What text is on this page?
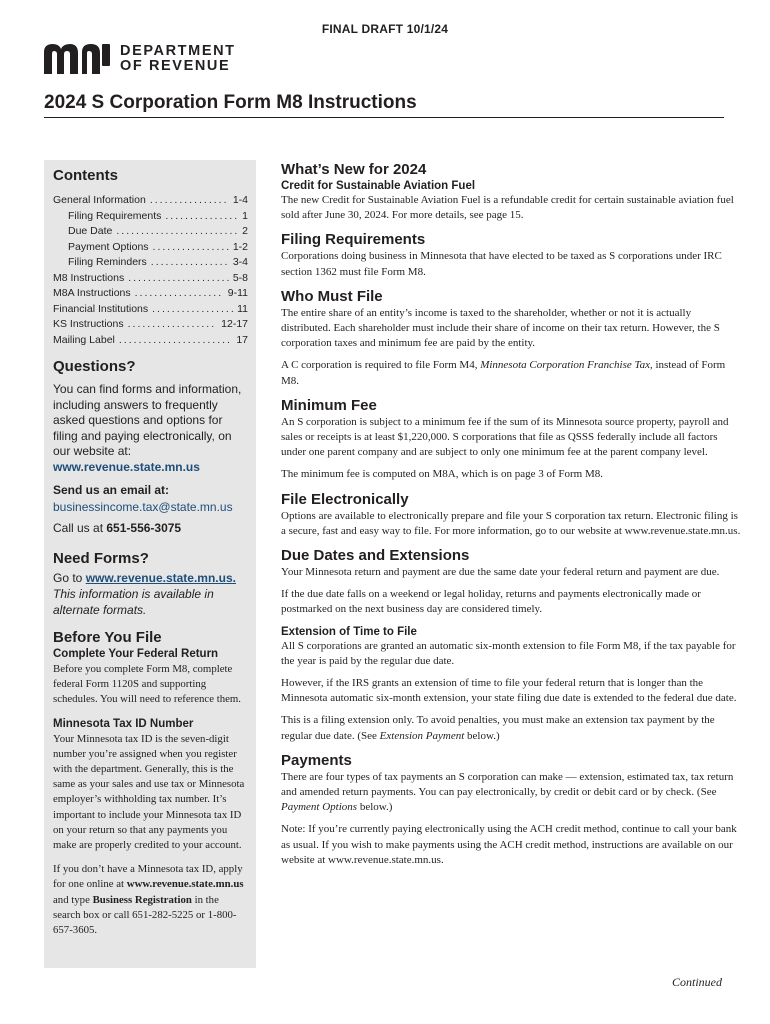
FINAL DRAFT 10/1/24
DEPARTMENT
OF REVENUE
2024 S Corporation Form M8 Instructions
Contents
General Information .....	1-4
Filing Requirements .....	1
Due Date .....	2
Payment Options .....	1-2
Filing Reminders .....	3-4
M8 Instructions .....	5-8
M8A Instructions .....	9-11
Financial Institutions .....	11
KS Instructions .....	12-17
Mailing Label .....	17
Questions?

You can find forms and information, including answers to frequently asked questions and options for filing and paying electronically, on our website at: www.revenue.state.mn.us

Send us an email at:

businessincome.tax@state.mn.us

Call us at 651-556-3075

Need Forms?

Go to www.revenue.state.mn.us.

This information is available in alternate formats.

Before You File

Complete Your Federal Return

Before you complete Form M8, complete federal Form 1120S and supporting schedules. You will need to reference them.

Minnesota Tax ID Number

Your Minnesota tax ID is the seven-digit number you’re assigned when you register with the department. Generally, this is the same as your sales and use tax or Minnesota employer’s withholding tax number. It’s important to include your Minnesota tax ID on your return so that any payments you make are properly credited to your account.

If you don’t have a Minnesota tax ID, apply for one online at www.revenue.state.mn.us and type Business Registration in the search box or call 651-282-5225 or 1-800-657-3605.

What’s New for 2024
Credit for Sustainable Aviation Fuel

The new Credit for Sustainable Aviation Fuel is a refundable credit for certain sustainable aviation fuel sold after June 30, 2024. For more details, see page 15.

Filing Requirements

Corporations doing business in Minnesota that have elected to be taxed as S corporations under IRC section 1362 must file Form M8.

Who Must File

The entire share of an entity’s income is taxed to the shareholder, whether or not it is actually distributed. Each shareholder must include their share of income on their tax return. However, the S corporation taxes and minimum fee are paid by the entity.

A C corporation is required to file Form M4, Minnesota Corporation Franchise Tax, instead of Form M8.

Minimum Fee

An S corporation is subject to a minimum fee if the sum of its Minnesota source property, payroll and sales or receipts is at least $1,220,000. S corporations that file as QSSS federally include all factors under one parent company and are subject to only one minimum fee at the parent company level.

The minimum fee is computed on M8A, which is on page 3 of Form M8.

File Electronically

Options are available to electronically prepare and file your S corporation tax return. Electronic filing is a secure, fast and easy way to file. For more information, go to our website at www.revenue.state.mn.us.

Due Dates and Extensions

Your Minnesota return and payment are due the same date your federal return and payment are due.

If the due date falls on a weekend or legal holiday, returns and payments electronically made or postmarked on the next business day are considered timely.

Extension of Time to File

All S corporations are granted an automatic six-month extension to file Form M8, if the tax payable for the year is paid by the regular due date.

However, if the IRS grants an extension of time to file your federal return that is longer than the Minnesota automatic six-month extension, your state filing due date is extended to the federal due date.

This is a filing extension only. To avoid penalties, you must make an extension tax payment by the regular due date. (See Extension Payment below.)

Payments

There are four types of tax payments an S corporation can make — extension, estimated tax, tax return and amended return payments. You can pay electronically, by credit or debit card or by check. (See Payment Options below.)

Note: If you’re currently paying electronically using the ACH credit method, continue to call your bank as usual. If you wish to make payments using the ACH credit method, instructions are available on our website at www.revenue.state.mn.us.

Continued
